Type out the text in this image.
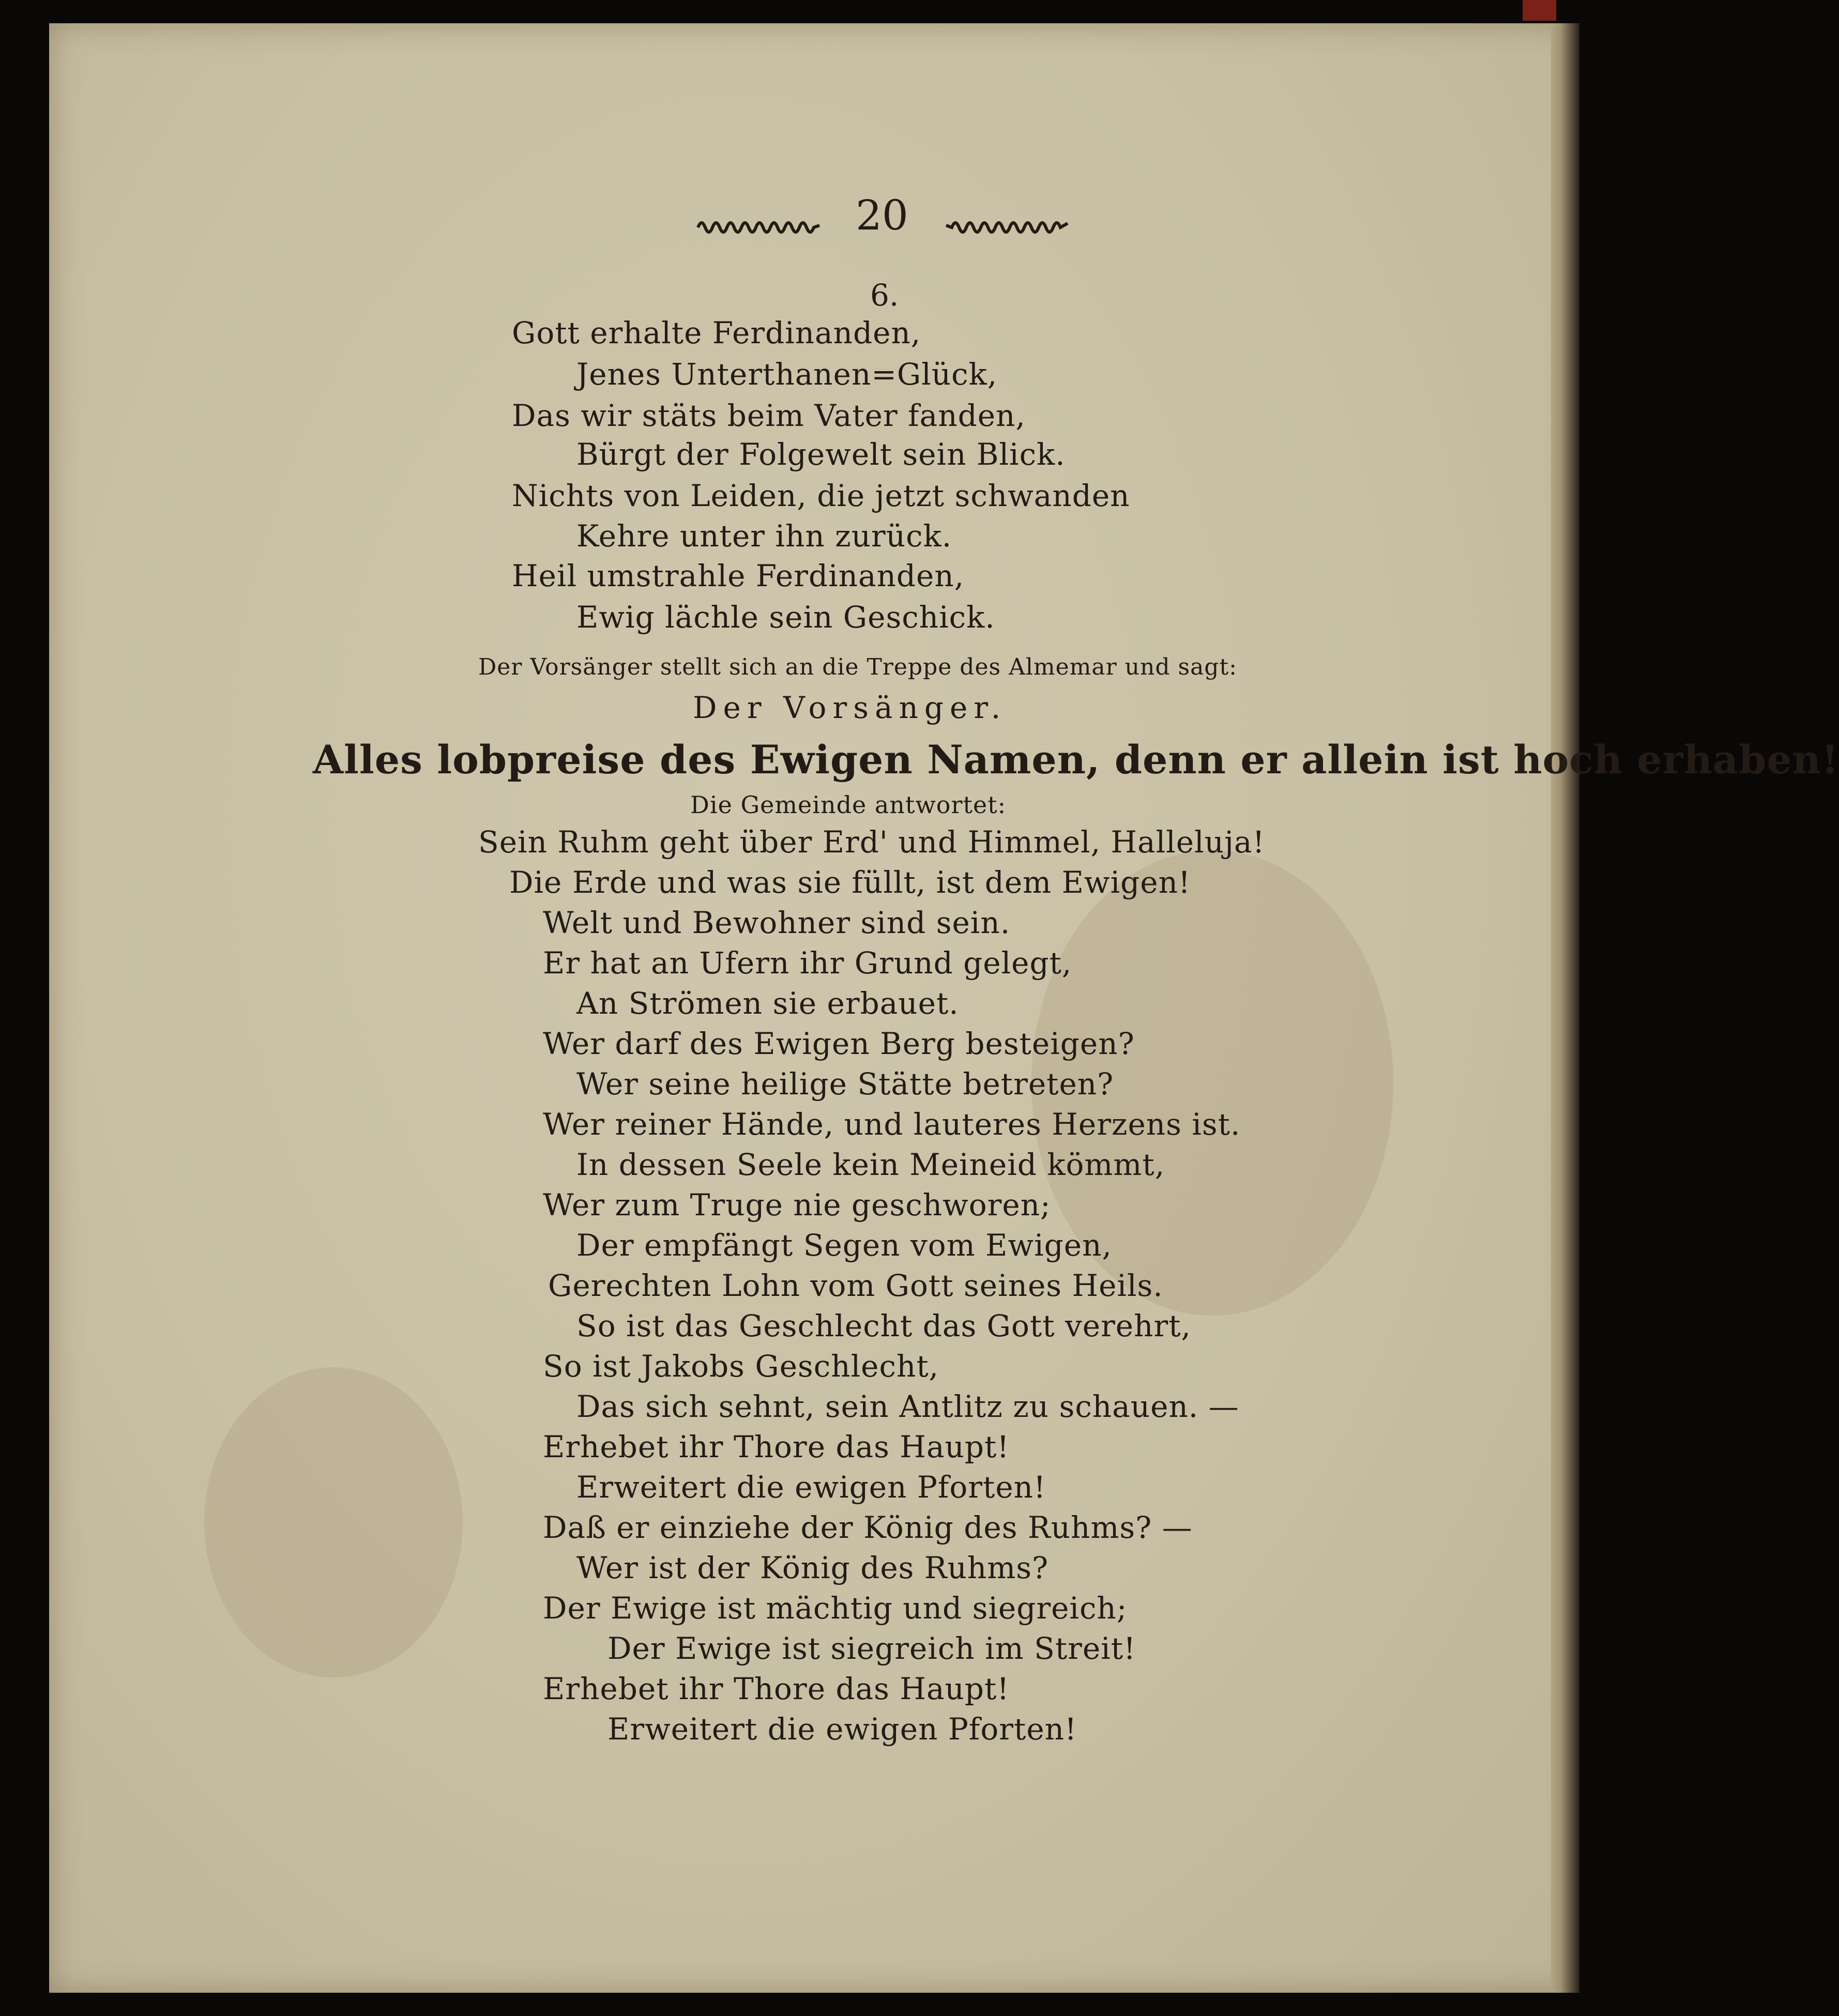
20

6.

Gott erhalte Ferdinanden,

Jenes Unterthanen=Glück,

Das wir stäts beim Vater fanden,

Bürgt der Folgewelt sein Blick.

Nichts von Leiden, die jetzt schwanden

Kehre unter ihn zurück.

Heil umstrahle Ferdinanden,

Ewig lächle sein Geschick.

Der Vorsänger stellt sich an die Treppe des Almemar und sagt:

Der Vorsänger.

Alles lobpreise des Ewigen Namen, denn er allein ist hoch erhaben!

Die Gemeinde antwortet:

Sein Ruhm geht über Erd' und Himmel, Halleluja!

Die Erde und was sie füllt, ist dem Ewigen!

Welt und Bewohner sind sein.

Er hat an Ufern ihr Grund gelegt,

An Strömen sie erbauet.

Wer darf des Ewigen Berg besteigen?

Wer seine heilige Stätte betreten?

Wer reiner Hände, und lauteres Herzens ist.

In dessen Seele kein Meineid kömmt,

Wer zum Truge nie geschworen;

Der empfängt Segen vom Ewigen,

Gerechten Lohn vom Gott seines Heils.

So ist das Geschlecht das Gott verehrt,

So ist Jakobs Geschlecht,

Das sich sehnt, sein Antlitz zu schauen. —

Erhebet ihr Thore das Haupt!

Erweitert die ewigen Pforten!

Daß er einziehe der König des Ruhms? —

Wer ist der König des Ruhms?

Der Ewige ist mächtig und siegreich;

Der Ewige ist siegreich im Streit!

Erhebet ihr Thore das Haupt!

Erweitert die ewigen Pforten!
